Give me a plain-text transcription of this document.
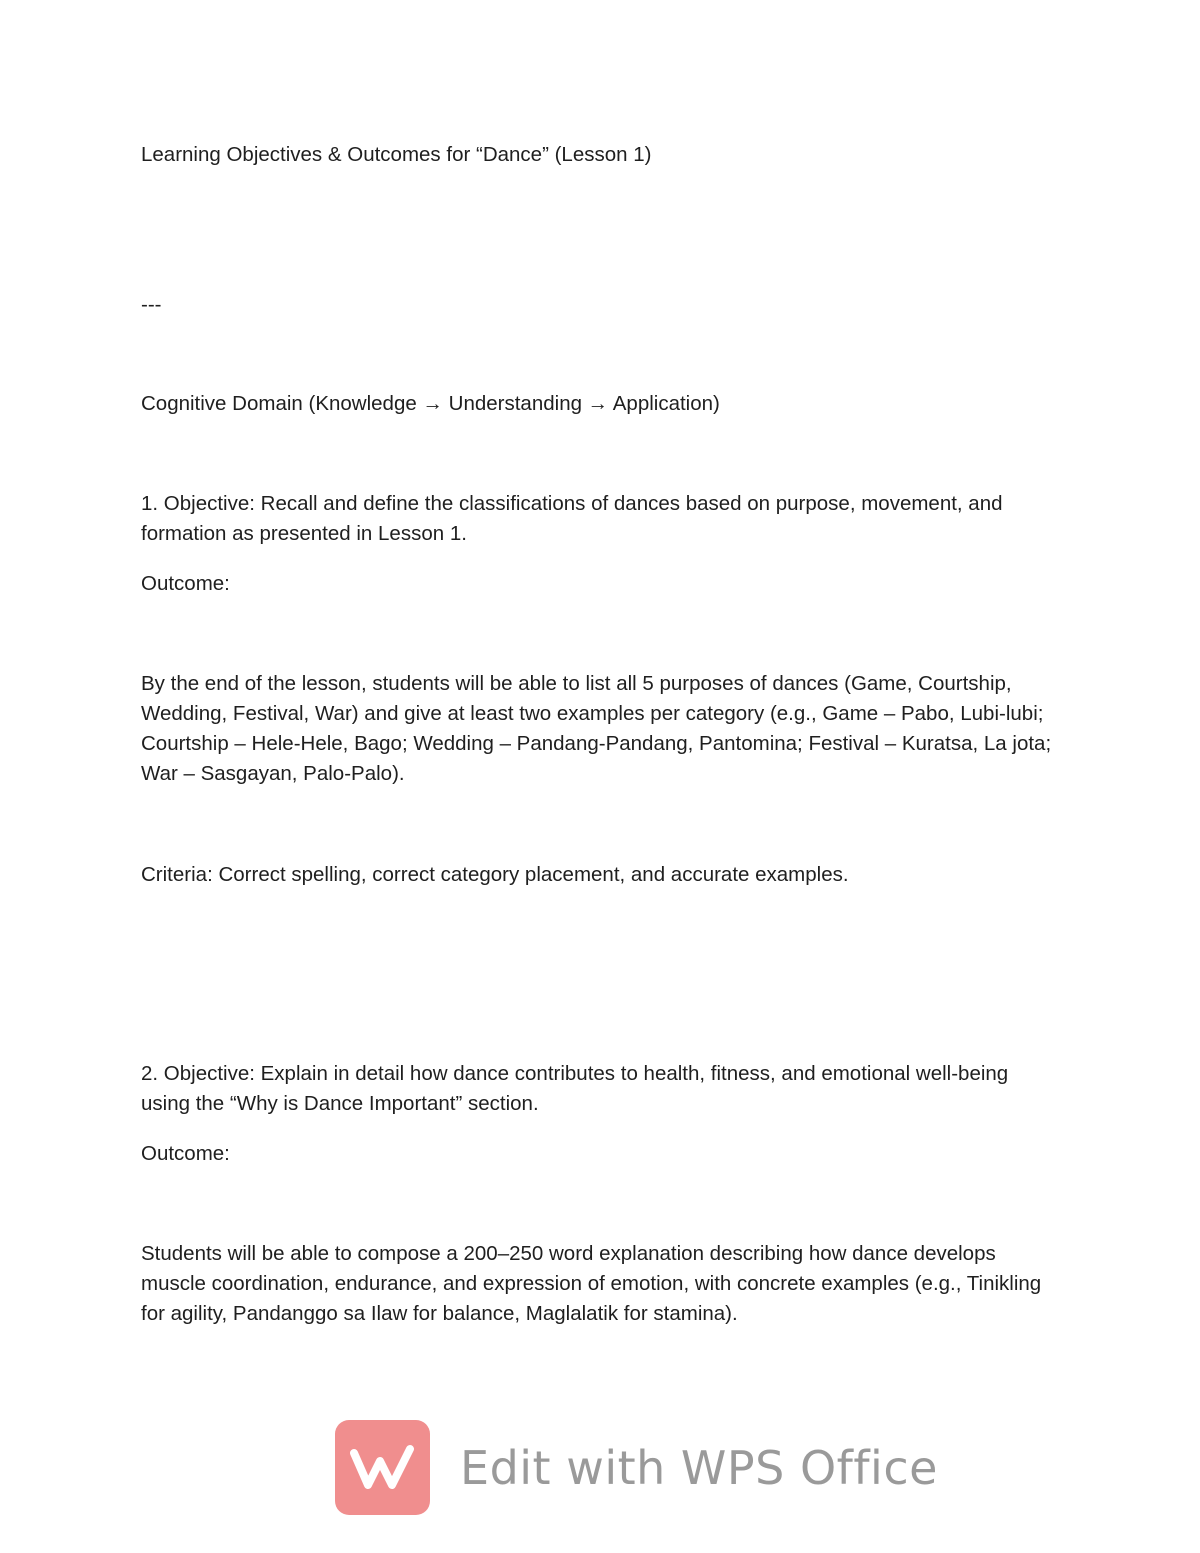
Learning Objectives & Outcomes for “Dance” (Lesson 1)

---

Cognitive Domain (Knowledge → Understanding → Application)

1. Objective: Recall and define the classifications of dances based on purpose, movement, and formation as presented in Lesson 1.

Outcome:

By the end of the lesson, students will be able to list all 5 purposes of dances (Game, Courtship, Wedding, Festival, War) and give at least two examples per category (e.g., Game – Pabo, Lubi-lubi; Courtship – Hele-Hele, Bago; Wedding – Pandang-Pandang, Pantomina; Festival – Kuratsa, La jota; War – Sasgayan, Palo-Palo).

Criteria: Correct spelling, correct category placement, and accurate examples.

2. Objective: Explain in detail how dance contributes to health, fitness, and emotional well-being using the “Why is Dance Important” section.

Outcome:

Students will be able to compose a 200–250 word explanation describing how dance develops muscle coordination, endurance, and expression of emotion, with concrete examples (e.g., Tinikling for agility, Pandanggo sa Ilaw for balance, Maglalatik for stamina).

Edit with WPS Office
